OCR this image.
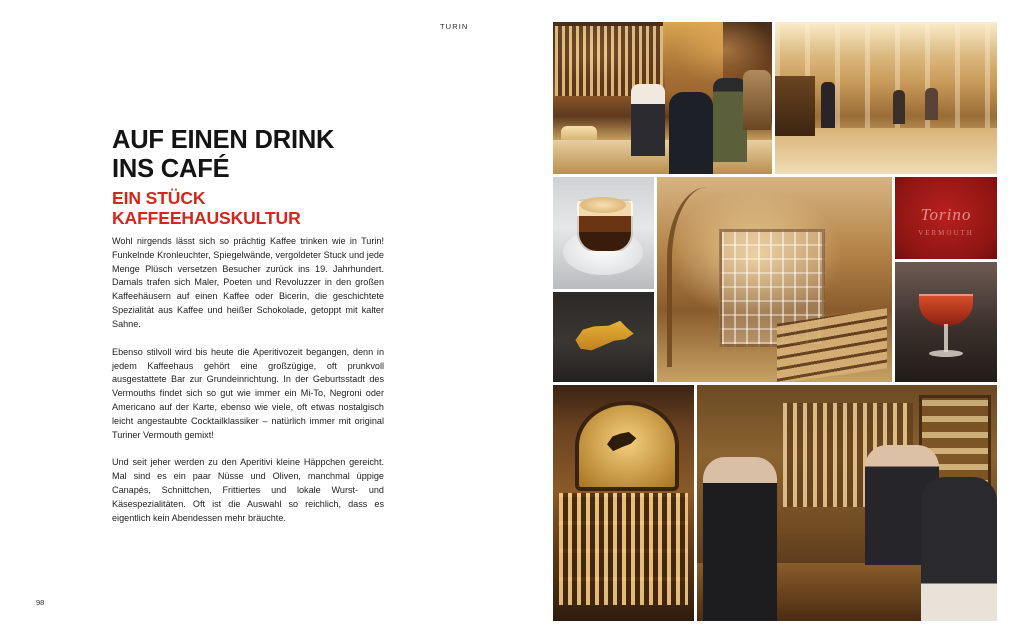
TURIN
AUF EINEN DRINK
INS CAFÉ
EIN STÜCK
KAFFEEHAUSKULTUR

Wohl nirgends lässt sich so prächtig Kaffee trinken wie in Turin! Funkelnde Kronleuchter, Spiegelwände, vergoldeter Stuck und jede Menge Plüsch versetzen Besucher zurück ins 19. Jahrhundert. Damals trafen sich Maler, Poeten und Revoluzzer in den großen Kaffeehäusern auf einen Kaffee oder Bicerin, die geschichtete Spezialität aus Kaffee und heißer Schokolade, getoppt mit kalter Sahne.

Ebenso stilvoll wird bis heute die Aperitivozeit begangen, denn in jedem Kaffeehaus gehört eine großzügige, oft prunkvoll ausgestattete Bar zur Grundeinrichtung. In der Geburtsstadt des Vermouths findet sich so gut wie immer ein Mi-To, Negroni oder Americano auf der Karte, ebenso wie viele, oft etwas nostalgisch leicht angestaubte Cocktailklassiker – natürlich immer mit original Turiner Vermouth gemixt!

Und seit jeher werden zu den Aperitivi kleine Häppchen gereicht. Mal sind es ein paar Nüsse und Oliven, manchmal üppige Canapés, Schnittchen, Frittiertes und lokale Wurst- und Käsespezialitäten. Oft ist die Auswahl so reichlich, dass es eigentlich kein Abendessen mehr bräuchte.

98
Torino
VERMOUTH
